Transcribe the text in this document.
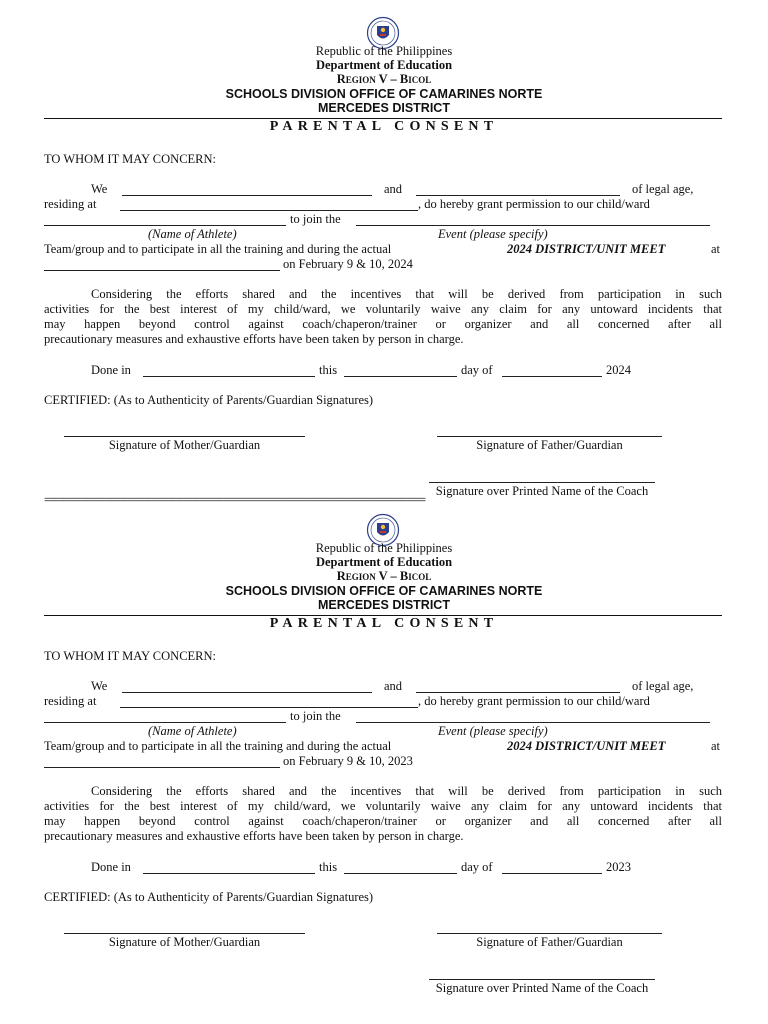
Republic of the Philippines
Department of Education
Region V – Bicol
SCHOOLS DIVISION OFFICE OF CAMARINES NORTE
MERCEDES DISTRICT
PARENTAL CONSENT
TO WHOM IT MAY CONCERN:
We	and	of legal age,
residing at	, do hereby grant permission to our child/ward
to join the
(Name of Athlete)	Event (please specify)
Team/group and to participate in all the training and during the actual	2024 DISTRICT/UNIT MEET	at
on February 9 & 10, 2024
Considering the efforts shared and the incentives that will be derived from participation in such
activities for the best interest of my child/ward, we voluntarily waive any claim for any untoward incidents that
may happen beyond control against coach/chaperon/trainer or organizer and all concerned after all
precautionary measures and exhaustive efforts have been taken by person in charge.
Done in	this	day of	2024
CERTIFIED: (As to Authenticity of Parents/Guardian Signatures)
Signature of Mother/Guardian	Signature of Father/Guardian
Signature over Printed Name of the Coach
=================================================================================
Republic of the Philippines
Department of Education
Region V – Bicol
SCHOOLS DIVISION OFFICE OF CAMARINES NORTE
MERCEDES DISTRICT
PARENTAL CONSENT
TO WHOM IT MAY CONCERN:
We	and	of legal age,
residing at	, do hereby grant permission to our child/ward
to join the
(Name of Athlete)	Event (please specify)
Team/group and to participate in all the training and during the actual	2024 DISTRICT/UNIT MEET	at
on February 9 & 10, 2023
Considering the efforts shared and the incentives that will be derived from participation in such
activities for the best interest of my child/ward, we voluntarily waive any claim for any untoward incidents that
may happen beyond control against coach/chaperon/trainer or organizer and all concerned after all
precautionary measures and exhaustive efforts have been taken by person in charge.
Done in	this	day of	2023
CERTIFIED: (As to Authenticity of Parents/Guardian Signatures)
Signature of Mother/Guardian	Signature of Father/Guardian
Signature over Printed Name of the Coach
